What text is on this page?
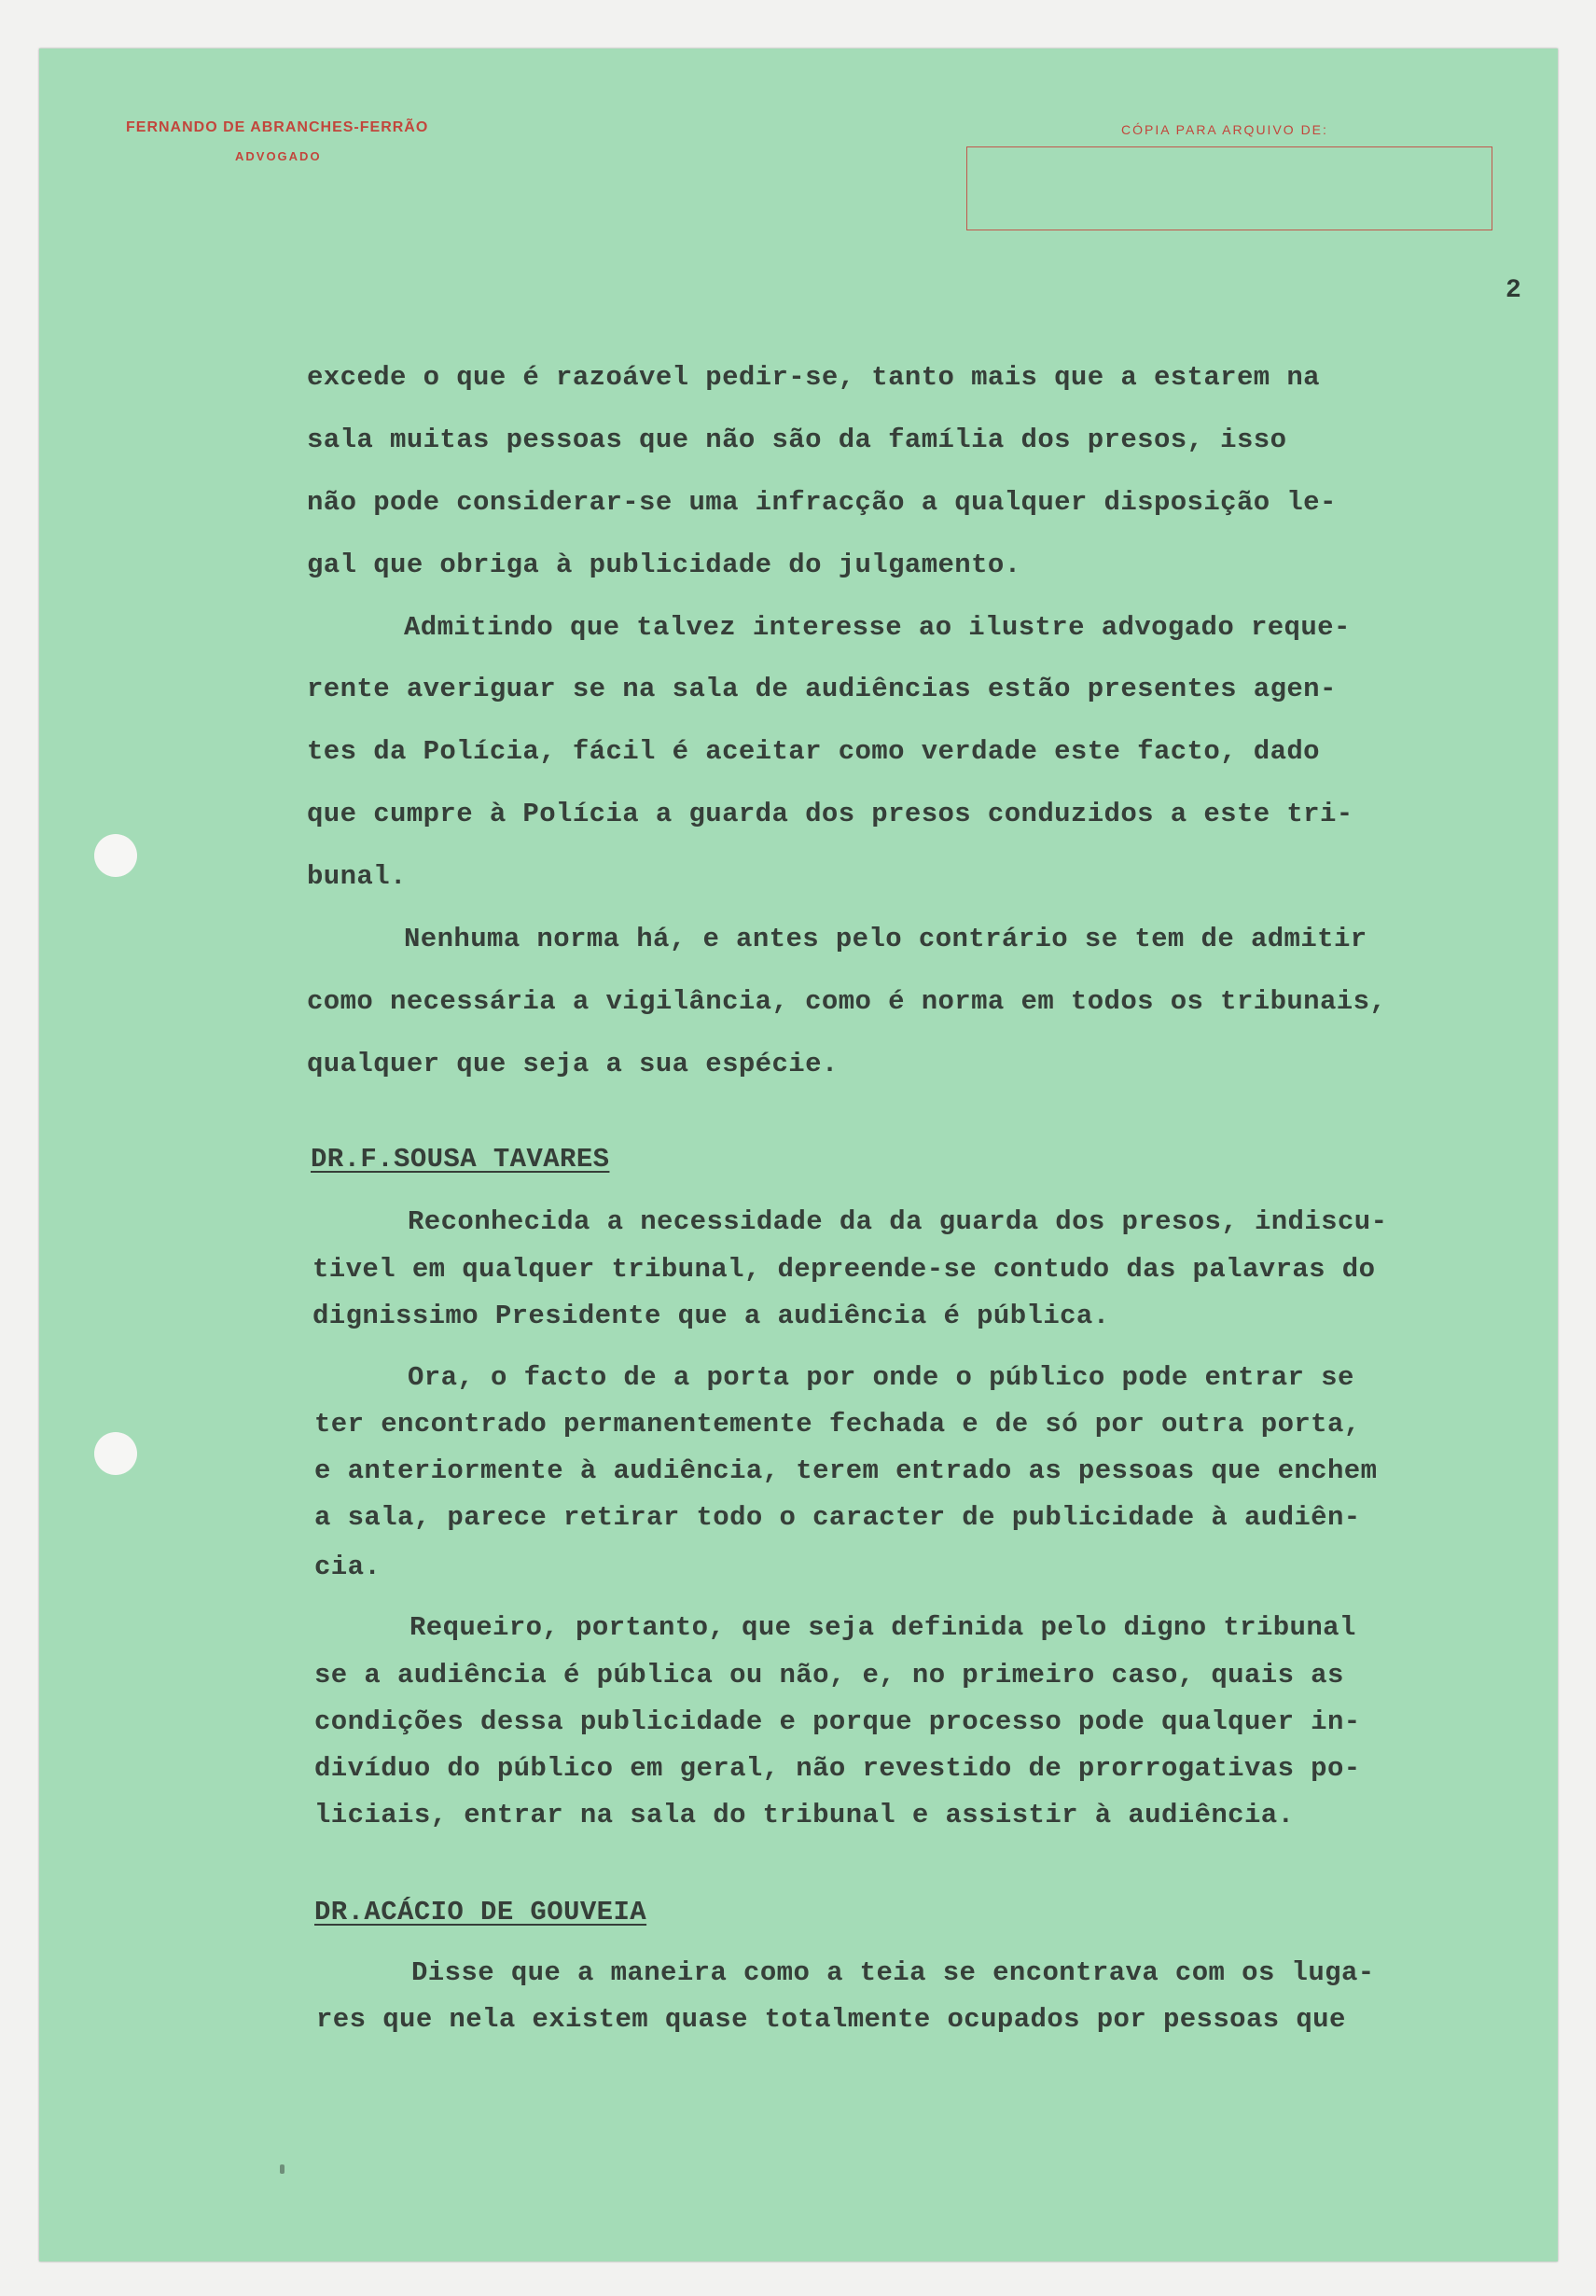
FERNANDO DE ABRANCHES-FERRÃO
ADVOGADO
CÓPIA PARA ARQUIVO DE:
2
excede o que é razoável pedir-se, tanto mais que a estarem na
sala muitas pessoas que não são da família dos presos, isso
não pode considerar-se uma infracção a qualquer disposição le-
gal que obriga à publicidade do julgamento.
Admitindo que talvez interesse ao ilustre advogado reque-
rente averiguar se na sala de audiências estão presentes agen-
tes da Polícia, fácil é aceitar como verdade este facto, dado
que cumpre à Polícia a guarda dos presos conduzidos a este tri-
bunal.
Nenhuma norma há, e antes pelo contrário se tem de admitir
como necessária a vigilância, como é norma em todos os tribunais,
qualquer que seja a sua espécie.
DR.F.SOUSA TAVARES
Reconhecida a necessidade da da guarda dos presos, indiscu-
tivel em qualquer tribunal, depreende-se contudo das palavras do
dignissimo Presidente que a audiência é pública.
Ora, o facto de a porta por onde o público pode entrar se
ter encontrado permanentemente fechada e de só por outra porta,
e anteriormente à audiência, terem entrado as pessoas que enchem
a sala, parece retirar todo o caracter de publicidade à audiên-
cia.
Requeiro, portanto, que seja definida pelo digno tribunal
se a audiência é pública ou não, e, no primeiro caso, quais as
condições dessa publicidade e porque processo pode qualquer in-
divíduo do público em geral, não revestido de prorrogativas po-
liciais, entrar na sala do tribunal e assistir à audiência.
DR.ACÁCIO DE GOUVEIA
Disse que a maneira como a teia se encontrava com os luga-
res que nela existem quase totalmente ocupados por pessoas que
